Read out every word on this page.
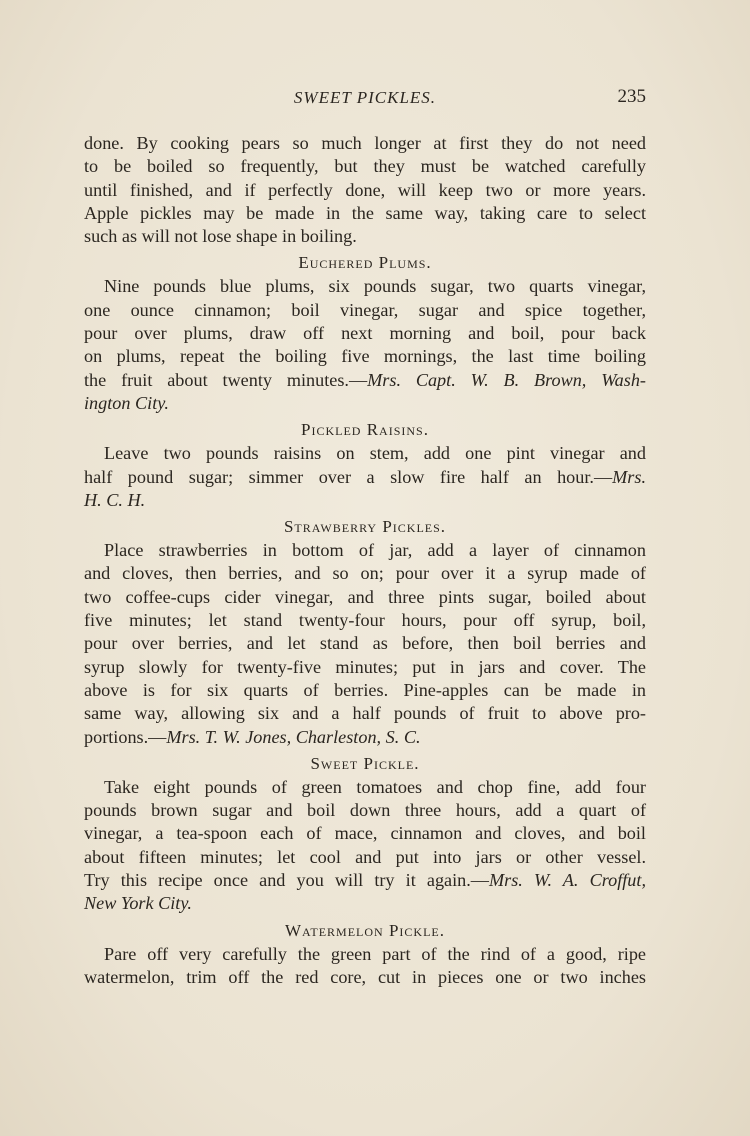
SWEET PICKLES.	235
done. By cooking pears so much longer at first they do not need
to be boiled so frequently, but they must be watched carefully
until finished, and if perfectly done, will keep two or more years.
Apple pickles may be made in the same way, taking care to select
such as will not lose shape in boiling.
Euchered Plums.
Nine pounds blue plums, six pounds sugar, two quarts vinegar,
one ounce cinnamon; boil vinegar, sugar and spice together,
pour over plums, draw off next morning and boil, pour back
on plums, repeat the boiling five mornings, the last time boiling
the fruit about twenty minutes.—Mrs. Capt. W. B. Brown, Wash-
ington City.
Pickled Raisins.
Leave two pounds raisins on stem, add one pint vinegar and
half pound sugar; simmer over a slow fire half an hour.—Mrs.
H. C. H.
Strawberry Pickles.
Place strawberries in bottom of jar, add a layer of cinnamon
and cloves, then berries, and so on; pour over it a syrup made of
two coffee-cups cider vinegar, and three pints sugar, boiled about
five minutes; let stand twenty-four hours, pour off syrup, boil,
pour over berries, and let stand as before, then boil berries and
syrup slowly for twenty-five minutes; put in jars and cover. The
above is for six quarts of berries. Pine-apples can be made in
same way, allowing six and a half pounds of fruit to above pro-
portions.—Mrs. T. W. Jones, Charleston, S. C.
Sweet Pickle.
Take eight pounds of green tomatoes and chop fine, add four
pounds brown sugar and boil down three hours, add a quart of
vinegar, a tea-spoon each of mace, cinnamon and cloves, and boil
about fifteen minutes; let cool and put into jars or other vessel.
Try this recipe once and you will try it again.—Mrs. W. A. Croffut,
New York City.
Watermelon Pickle.
Pare off very carefully the green part of the rind of a good, ripe
watermelon, trim off the red core, cut in pieces one or two inches
